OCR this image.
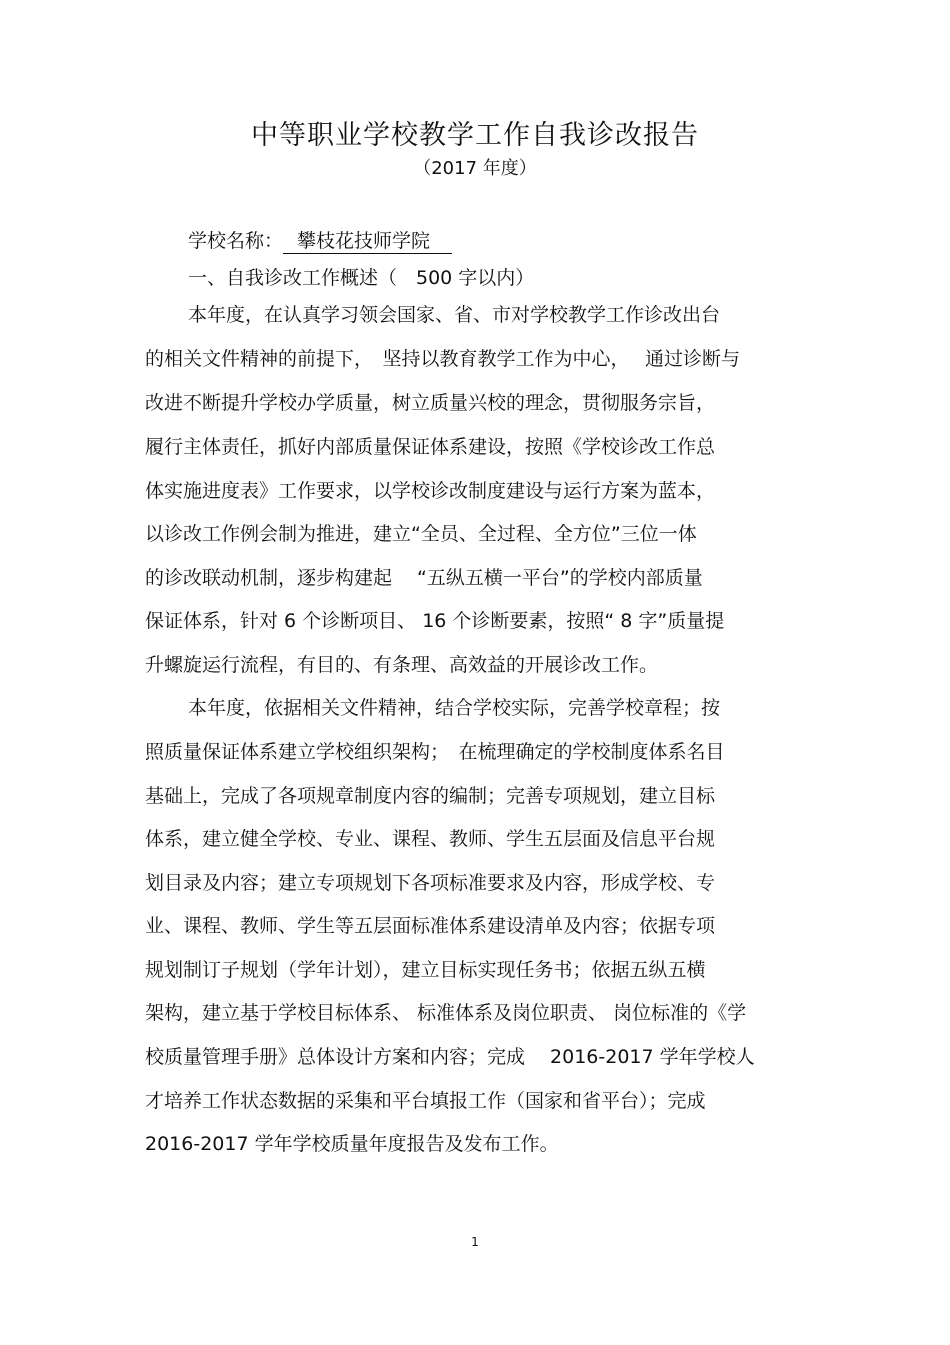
中等职业学校教学工作自我诊改报告
（2017 年度）
学校名称： 攀枝花技师学院
一、自我诊改工作概述（　500 字以内）
本年度，在认真学习领会国家、省、市对学校教学工作诊改出台
的相关文件精神的前提下，　坚持以教育教学工作为中心，　 通过诊断与
改进不断提升学校办学质量，树立质量兴校的理念，贯彻服务宗旨，
履行主体责任，抓好内部质量保证体系建设，按照《学校诊改工作总
体实施进度表》工作要求，以学校诊改制度建设与运行方案为蓝本，
以诊改工作例会制为推进，建立“全员、全过程、全方位”三位一体
的诊改联动机制，逐步构建起　 “五纵五横一平台”的学校内部质量
保证体系，针对 6 个诊断项目、 16 个诊断要素，按照“ 8 字”质量提
升螺旋运行流程，有目的、有条理、高效益的开展诊改工作。
本年度，依据相关文件精神，结合学校实际，完善学校章程；按
照质量保证体系建立学校组织架构；　在梳理确定的学校制度体系名目
基础上，完成了各项规章制度内容的编制；完善专项规划，建立目标
体系，建立健全学校、专业、课程、教师、学生五层面及信息平台规
划目录及内容；建立专项规划下各项标准要求及内容，形成学校、专
业、课程、教师、学生等五层面标准体系建设清单及内容；依据专项
规划制订子规划（学年计划），建立目标实现任务书；依据五纵五横
架构，建立基于学校目标体系、 标准体系及岗位职责、 岗位标准的《学
校质量管理手册》总体设计方案和内容；完成　 2016-2017 学年学校人
才培养工作状态数据的采集和平台填报工作（国家和省平台）；完成
2016-2017 学年学校质量年度报告及发布工作。
1
